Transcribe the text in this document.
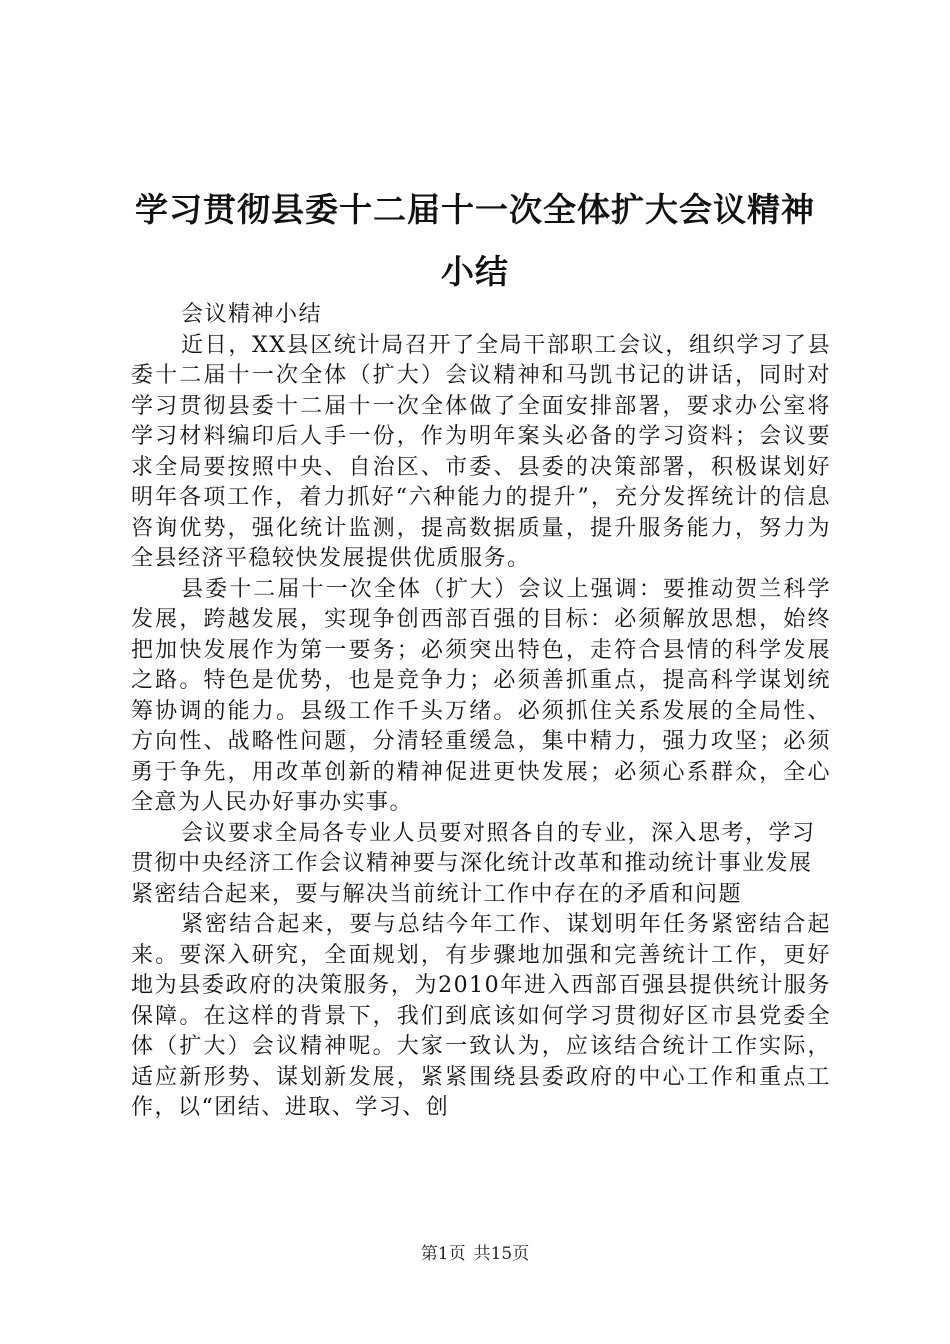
学习贯彻县委十二届十一次全体扩大会议精神
小结

会议精神小结

近日，XX县区统计局召开了全局干部职工会议，组织学习了县委十二届十一次全体（扩大）会议精神和马凯书记的讲话，同时对学习贯彻县委十二届十一次全体做了全面安排部署，要求办公室将学习材料编印后人手一份，作为明年案头必备的学习资料；会议要求全局要按照中央、自治区、市委、县委的决策部署，积极谋划好明年各项工作，着力抓好“六种能力的提升”，充分发挥统计的信息咨询优势，强化统计监测，提高数据质量，提升服务能力，努力为全县经济平稳较快发展提供优质服务。

县委十二届十一次全体（扩大）会议上强调：要推动贺兰科学发展，跨越发展，实现争创西部百强的目标：必须解放思想，始终把加快发展作为第一要务；必须突出特色，走符合县情的科学发展之路。特色是优势，也是竞争力；必须善抓重点，提高科学谋划统筹协调的能力。县级工作千头万绪。必须抓住关系发展的全局性、方向性、战略性问题，分清轻重缓急，集中精力，强力攻坚；必须勇于争先，用改革创新的精神促进更快发展；必须心系群众，全心全意为人民办好事办实事。

会议要求全局各专业人员要对照各自的专业，深入思考，学习贯彻中央经济工作会议精神要与深化统计改革和推动统计事业发展紧密结合起来，要与解决当前统计工作中存在的矛盾和问题

紧密结合起来，要与总结今年工作、谋划明年任务紧密结合起来。要深入研究，全面规划，有步骤地加强和完善统计工作，更好地为县委政府的决策服务，为2010年进入西部百强县提供统计服务保障。在这样的背景下，我们到底该如何学习贯彻好区市县党委全体（扩大）会议精神呢。大家一致认为，应该结合统计工作实际，适应新形势、谋划新发展，紧紧围绕县委政府的中心工作和重点工作，以“团结、进取、学习、创

第1页 共15页
